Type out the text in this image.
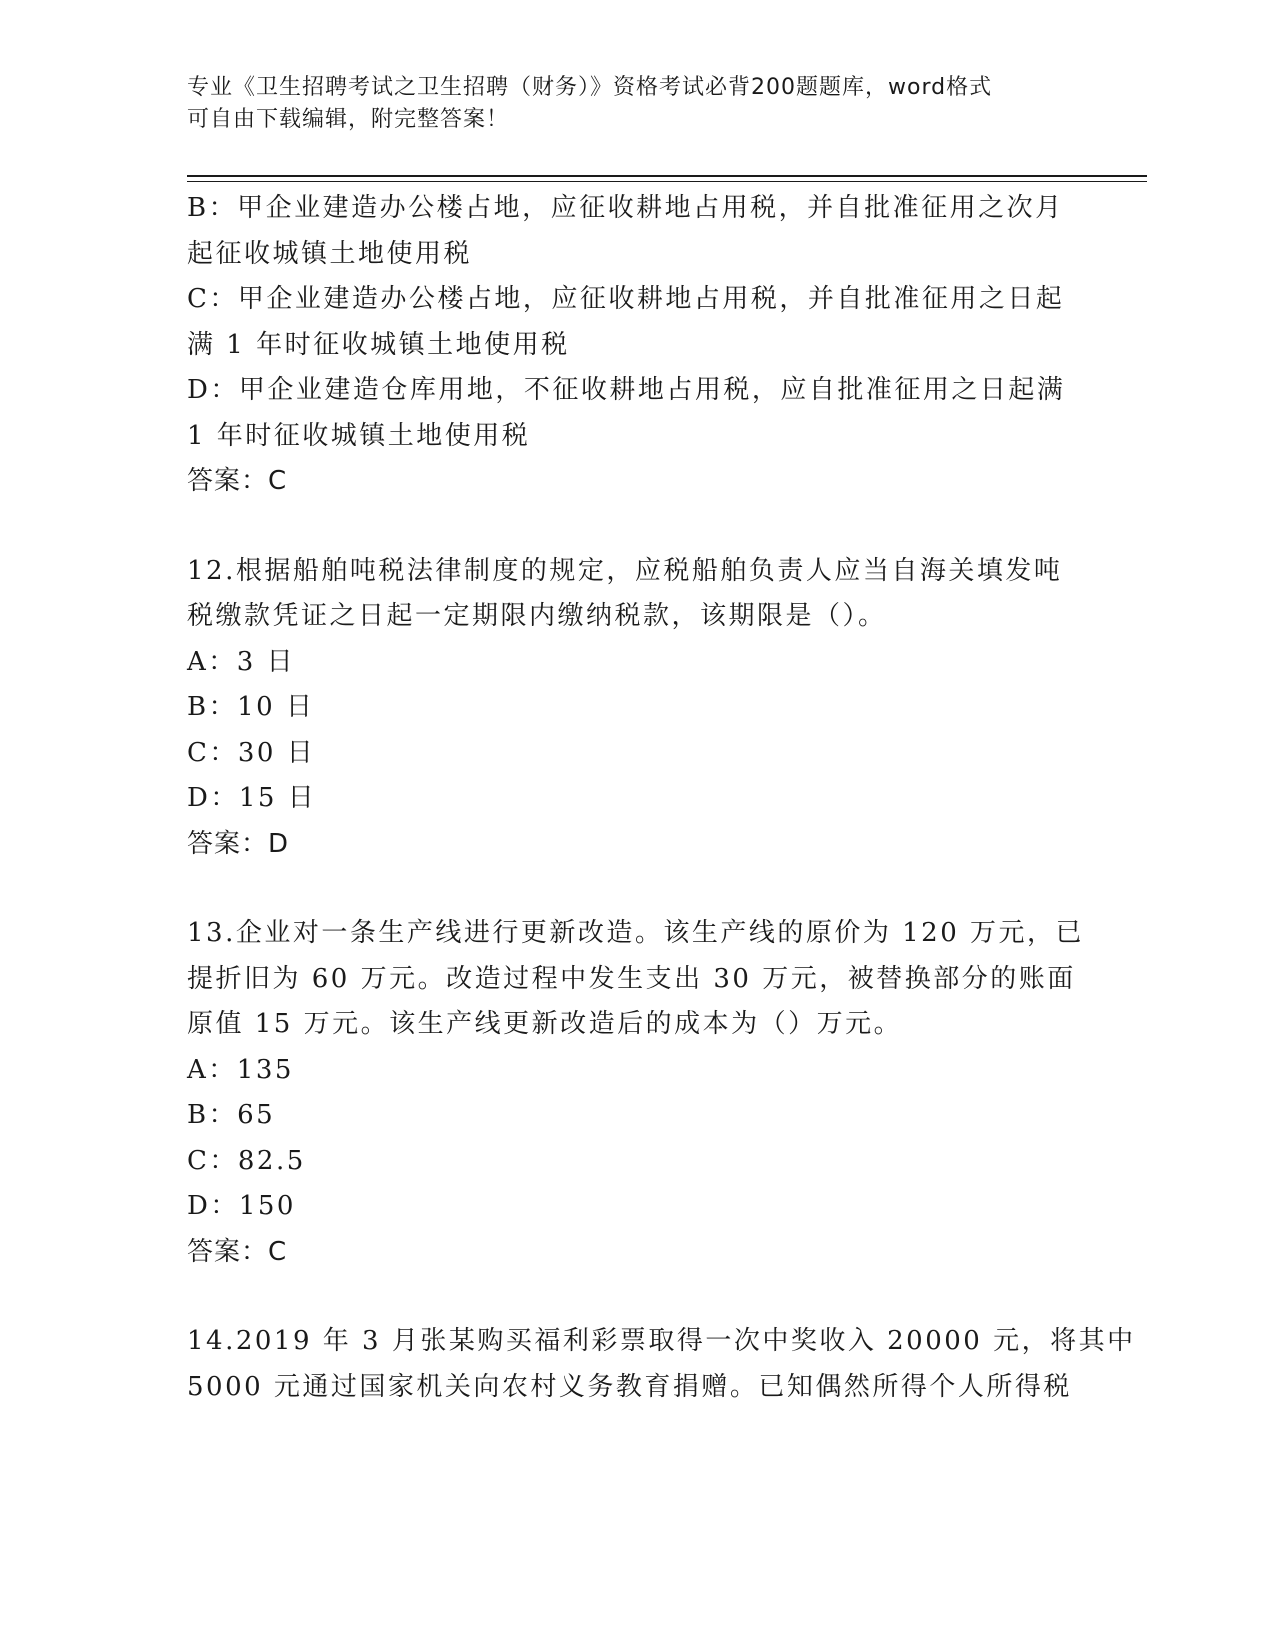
专业《卫生招聘考试之卫生招聘（财务）》资格考试必背200题题库，word格式
可自由下载编辑，附完整答案！
B：甲企业建造办公楼占地，应征收耕地占用税，并自批准征用之次月
起征收城镇土地使用税
C：甲企业建造办公楼占地，应征收耕地占用税，并自批准征用之日起
满 1 年时征收城镇土地使用税
D：甲企业建造仓库用地，不征收耕地占用税，应自批准征用之日起满
1 年时征收城镇土地使用税
答案：C
12.根据船舶吨税法律制度的规定，应税船舶负责人应当自海关填发吨
税缴款凭证之日起一定期限内缴纳税款，该期限是（）。
A：3 日
B：10 日
C：30 日
D：15 日
答案：D
13.企业对一条生产线进行更新改造。该生产线的原价为 120 万元，已
提折旧为 60 万元。改造过程中发生支出 30 万元，被替换部分的账面
原值 15 万元。该生产线更新改造后的成本为（）万元。
A：135
B：65
C：82.5
D：150
答案：C
14.2019 年 3 月张某购买福利彩票取得一次中奖收入 20000 元，将其中
5000 元通过国家机关向农村义务教育捐赠。已知偶然所得个人所得税
